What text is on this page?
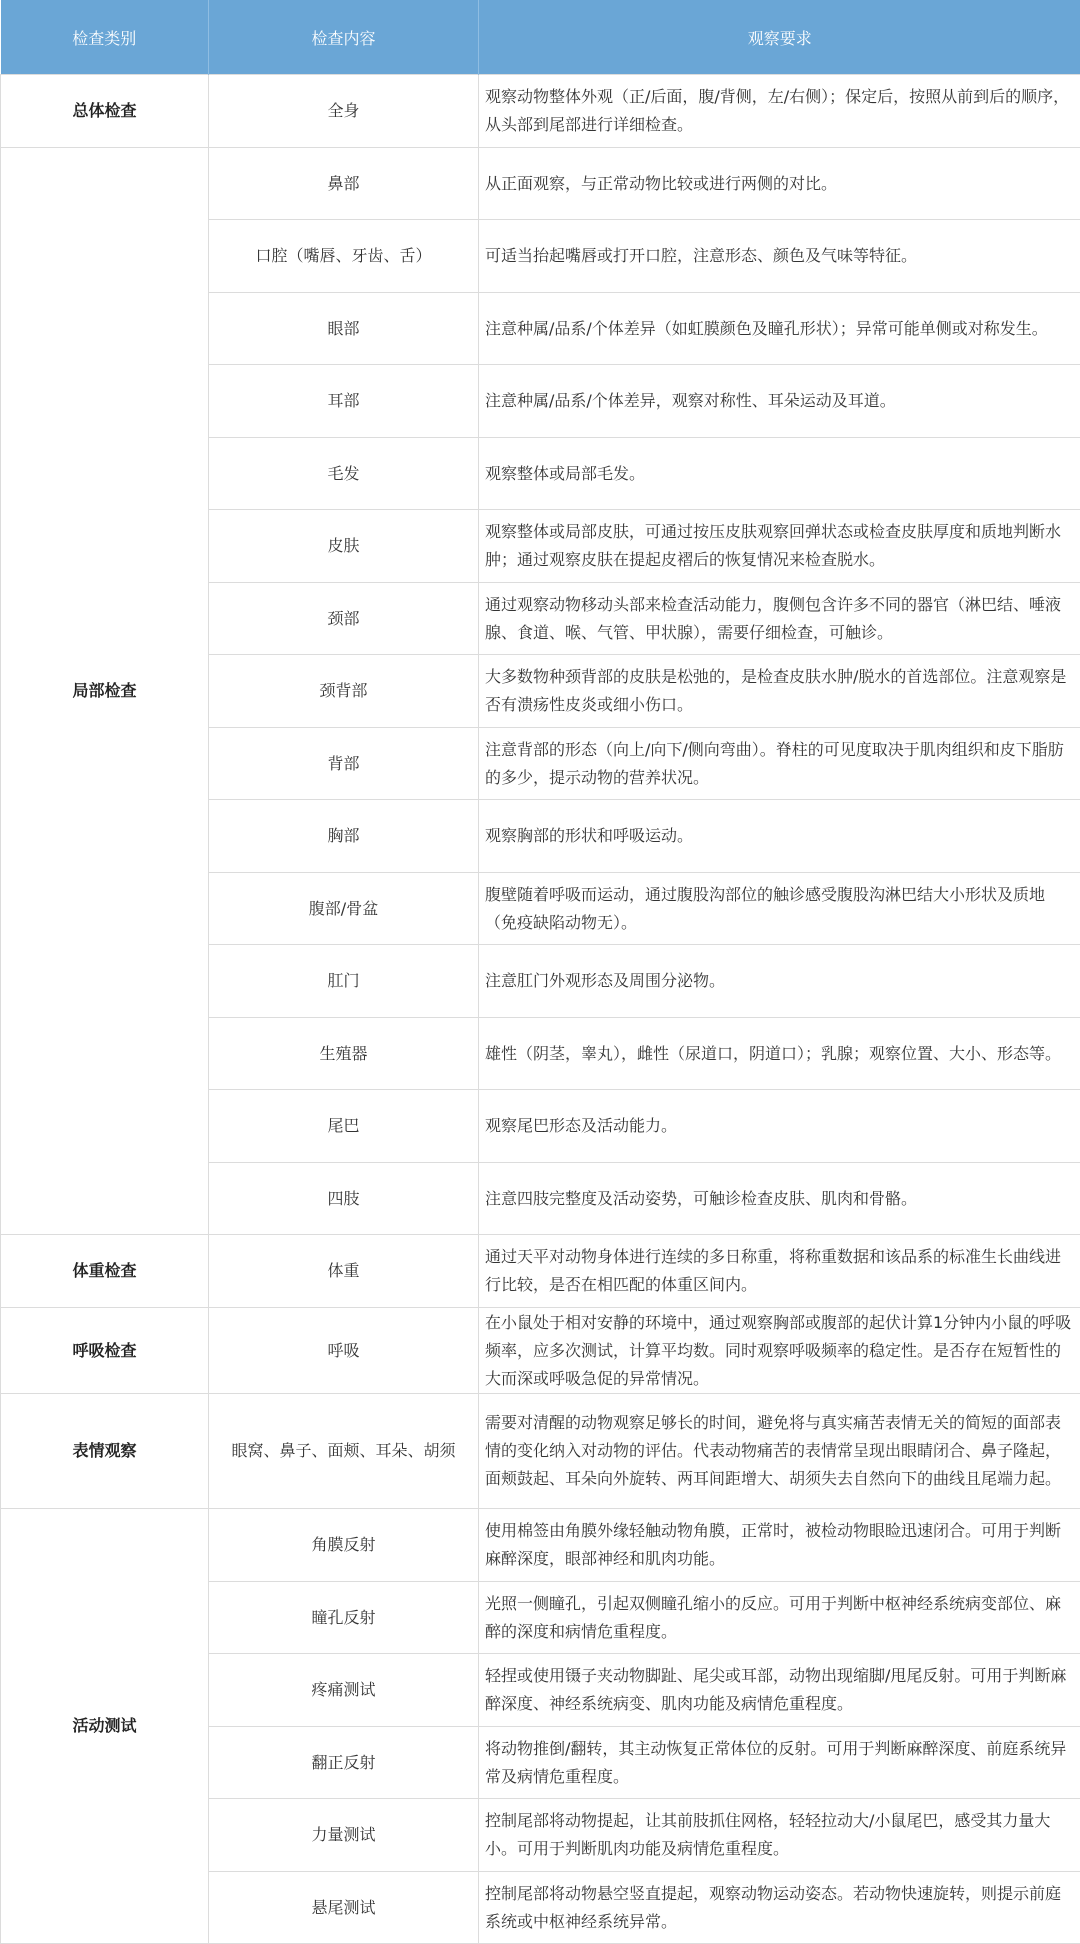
检查类别	检查内容	观察要求
总体检查	全身	观察动物整体外观（正/后面，腹/背侧，左/右侧）；保定后，按照从前到后的顺序，从头部到尾部进行详细检查。
局部检查	鼻部	从正面观察，与正常动物比较或进行两侧的对比。
	口腔（嘴唇、牙齿、舌）	可适当抬起嘴唇或打开口腔，注意形态、颜色及气味等特征。
	眼部	注意种属/品系/个体差异（如虹膜颜色及瞳孔形状）；异常可能单侧或对称发生。
	耳部	注意种属/品系/个体差异，观察对称性、耳朵运动及耳道。
	毛发	观察整体或局部毛发。
	皮肤	观察整体或局部皮肤，可通过按压皮肤观察回弹状态或检查皮肤厚度和质地判断水肿；通过观察皮肤在提起皮褶后的恢复情况来检查脱水。
	颈部	通过观察动物移动头部来检查活动能力，腹侧包含许多不同的器官（淋巴结、唾液腺、食道、喉、气管、甲状腺），需要仔细检查，可触诊。
	颈背部	大多数物种颈背部的皮肤是松弛的，是检查皮肤水肿/脱水的首选部位。注意观察是否有溃疡性皮炎或细小伤口。
	背部	注意背部的形态（向上/向下/侧向弯曲）。脊柱的可见度取决于肌肉组织和皮下脂肪的多少，提示动物的营养状况。
	胸部	观察胸部的形状和呼吸运动。
	腹部/骨盆	腹壁随着呼吸而运动，通过腹股沟部位的触诊感受腹股沟淋巴结大小形状及质地（免疫缺陷动物无）。
	肛门	注意肛门外观形态及周围分泌物。
	生殖器	雄性（阴茎，睾丸），雌性（尿道口，阴道口）；乳腺；观察位置、大小、形态等。
	尾巴	观察尾巴形态及活动能力。
	四肢	注意四肢完整度及活动姿势，可触诊检查皮肤、肌肉和骨骼。
体重检查	体重	通过天平对动物身体进行连续的多日称重，将称重数据和该品系的标准生长曲线进行比较，是否在相匹配的体重区间内。
呼吸检查	呼吸	在小鼠处于相对安静的环境中，通过观察胸部或腹部的起伏计算1分钟内小鼠的呼吸频率，应多次测试，计算平均数。同时观察呼吸频率的稳定性。是否存在短暂性的大而深或呼吸急促的异常情况。
表情观察	眼窝、鼻子、面颊、耳朵、胡须	需要对清醒的动物观察足够长的时间，避免将与真实痛苦表情无关的简短的面部表情的变化纳入对动物的评估。代表动物痛苦的表情常呈现出眼睛闭合、鼻子隆起，面颊鼓起、耳朵向外旋转、两耳间距增大、胡须失去自然向下的曲线且尾端力起。
活动测试	角膜反射	使用棉签由角膜外缘轻触动物角膜，正常时，被检动物眼睑迅速闭合。可用于判断麻醉深度，眼部神经和肌肉功能。
	瞳孔反射	光照一侧瞳孔，引起双侧瞳孔缩小的反应。可用于判断中枢神经系统病变部位、麻醉的深度和病情危重程度。
	疼痛测试	轻捏或使用镊子夹动物脚趾、尾尖或耳部，动物出现缩脚/甩尾反射。可用于判断麻醉深度、神经系统病变、肌肉功能及病情危重程度。
	翻正反射	将动物推倒/翻转，其主动恢复正常体位的反射。可用于判断麻醉深度、前庭系统异常及病情危重程度。
	力量测试	控制尾部将动物提起，让其前肢抓住网格，轻轻拉动大/小鼠尾巴，感受其力量大小。可用于判断肌肉功能及病情危重程度。
	悬尾测试	控制尾部将动物悬空竖直提起，观察动物运动姿态。若动物快速旋转，则提示前庭系统或中枢神经系统异常。
